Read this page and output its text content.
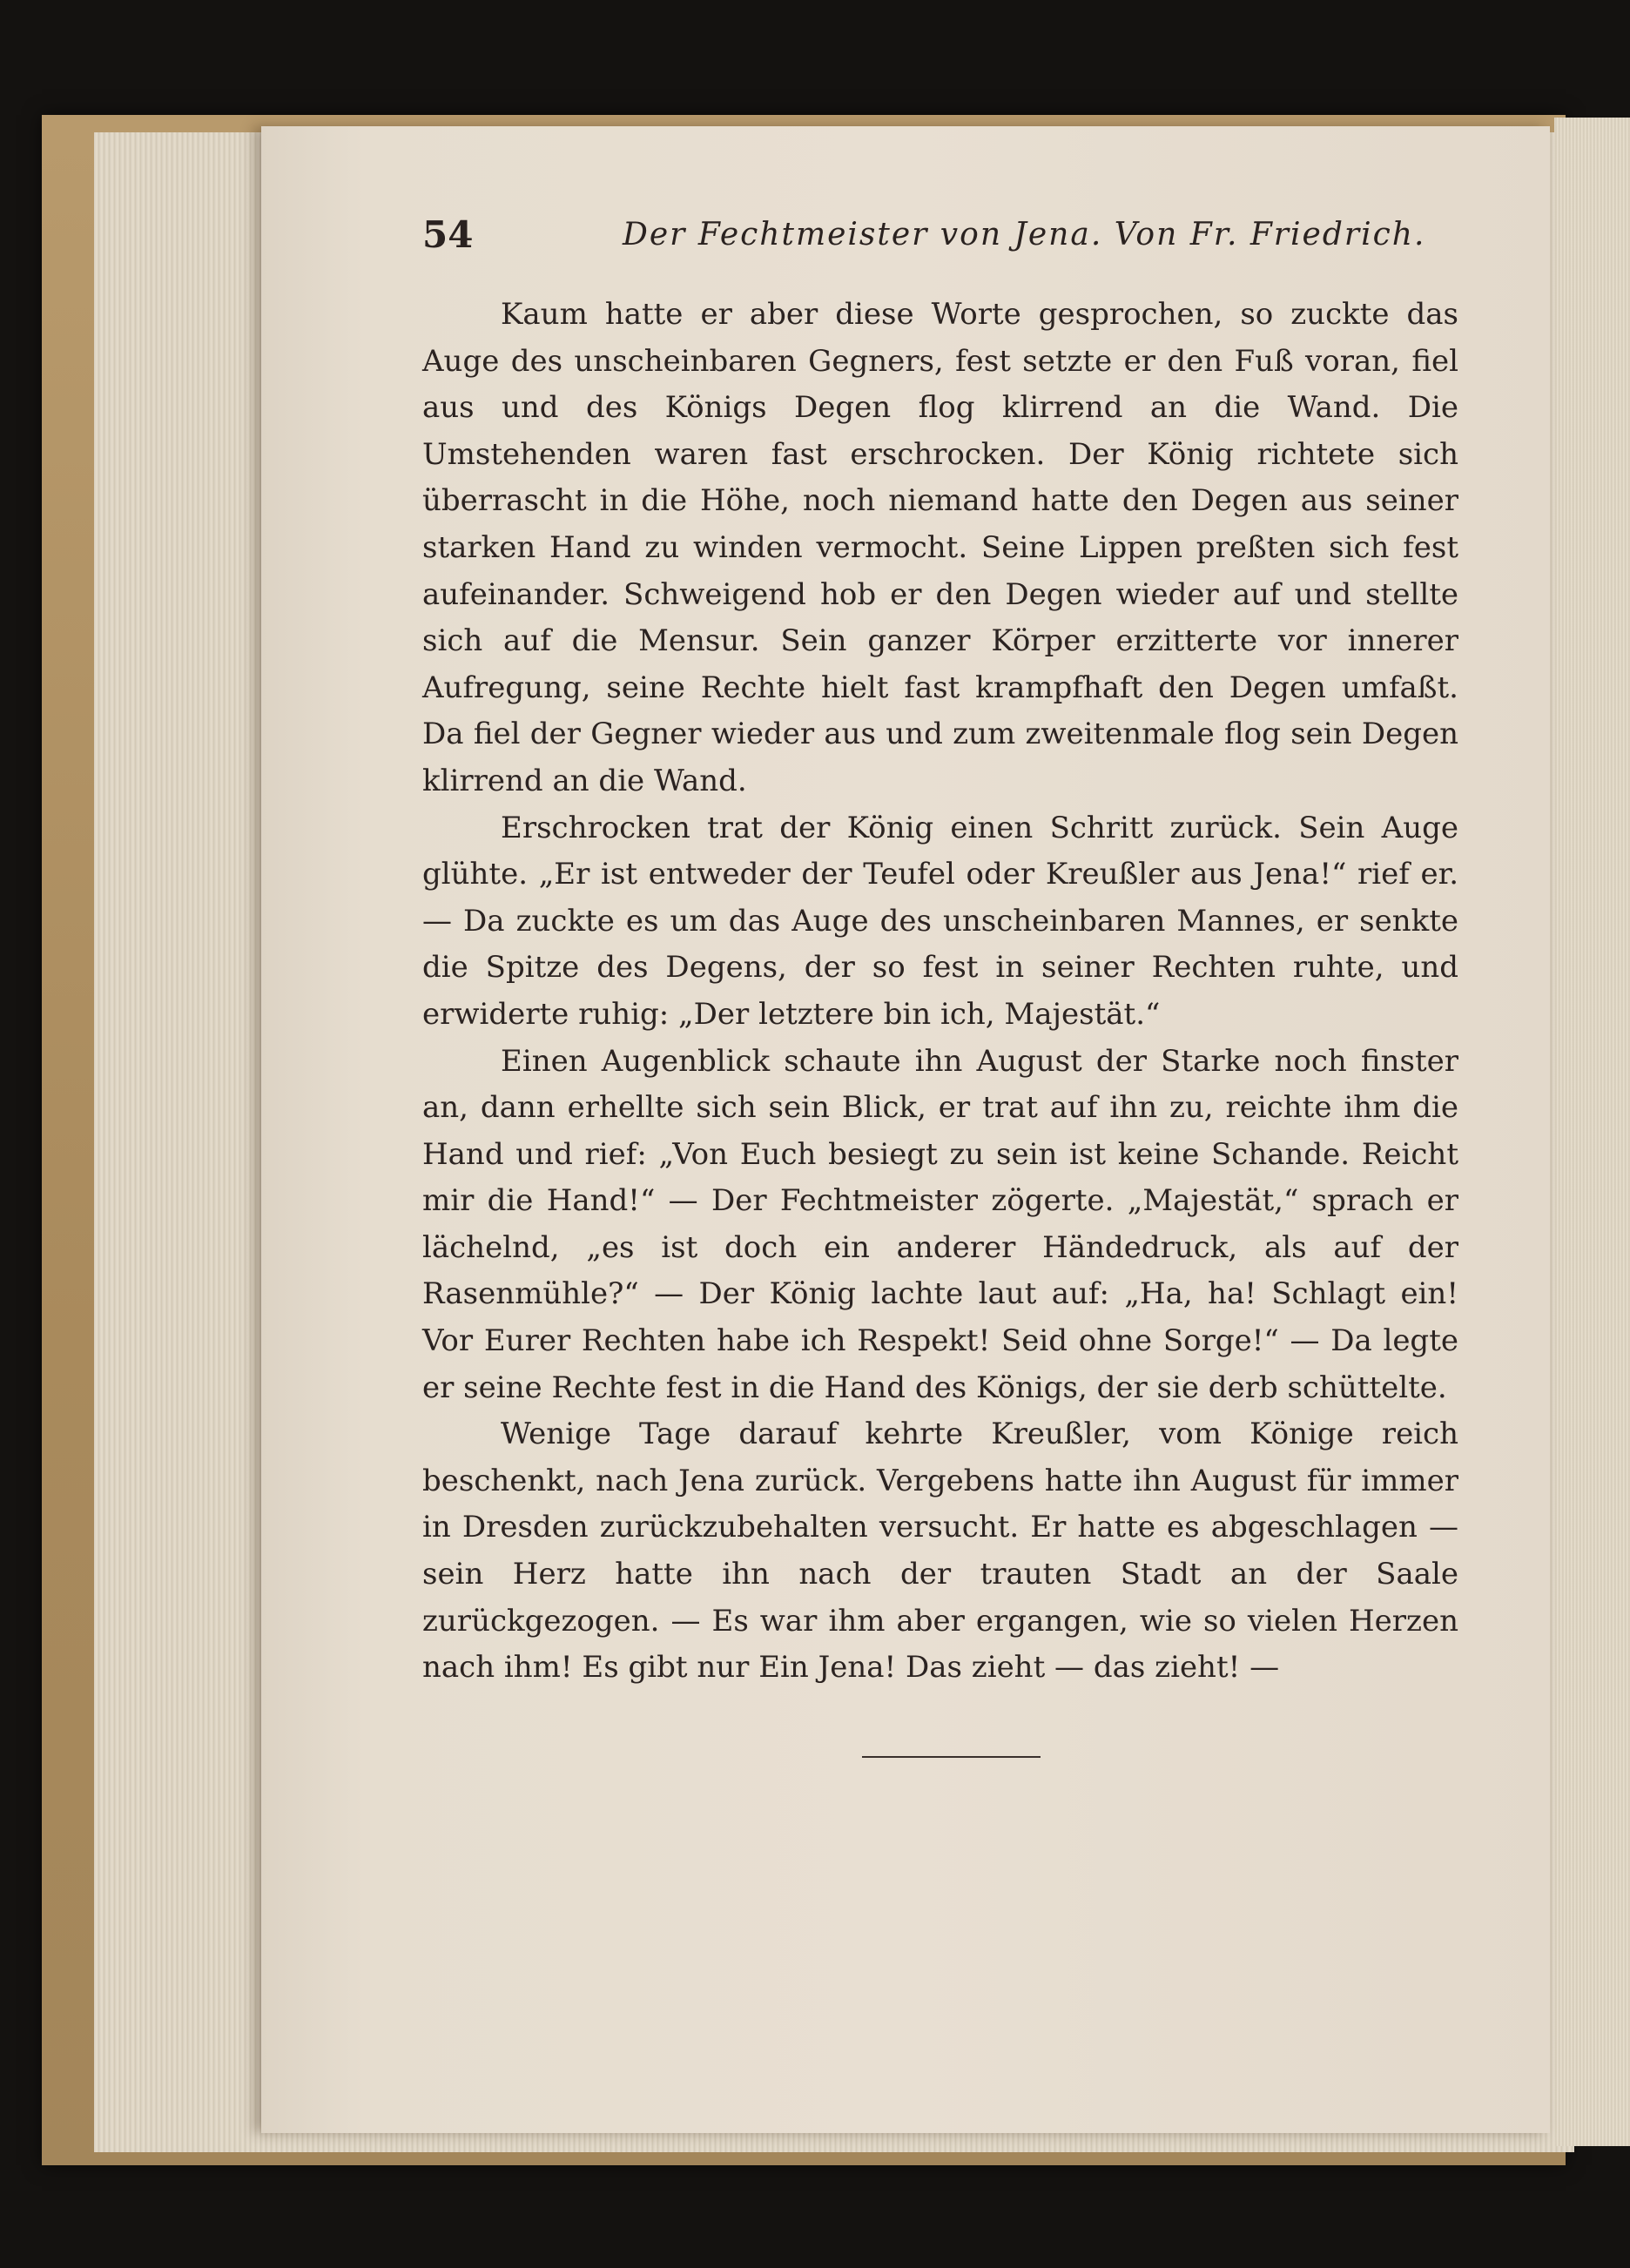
54	Der Fechtmeister von Jena. Von Fr. Friedrich.

Kaum hatte er aber diese Worte gesprochen, so zuckte das Auge des unscheinbaren Gegners, fest setzte er den Fuß voran, fiel aus und des Königs Degen flog klirrend an die Wand. Die Umstehenden waren fast erschrocken. Der König richtete sich überrascht in die Höhe, noch niemand hatte den Degen aus seiner starken Hand zu winden vermocht. Seine Lippen preßten sich fest aufeinander. Schweigend hob er den Degen wieder auf und stellte sich auf die Mensur. Sein ganzer Körper erzitterte vor innerer Aufregung, seine Rechte hielt fast krampfhaft den Degen umfaßt. Da fiel der Gegner wieder aus und zum zweitenmale flog sein Degen klirrend an die Wand.

Erschrocken trat der König einen Schritt zurück. Sein Auge glühte. „Er ist entweder der Teufel oder Kreußler aus Jena!“ rief er. — Da zuckte es um das Auge des unscheinbaren Mannes, er senkte die Spitze des Degens, der so fest in seiner Rechten ruhte, und erwiderte ruhig: „Der letztere bin ich, Majestät.“

Einen Augenblick schaute ihn August der Starke noch finster an, dann erhellte sich sein Blick, er trat auf ihn zu, reichte ihm die Hand und rief: „Von Euch besiegt zu sein ist keine Schande. Reicht mir die Hand!“ — Der Fechtmeister zögerte. „Majestät,“ sprach er lächelnd, „es ist doch ein anderer Händedruck, als auf der Rasenmühle?“ — Der König lachte laut auf: „Ha, ha! Schlagt ein! Vor Eurer Rechten habe ich Respekt! Seid ohne Sorge!“ — Da legte er seine Rechte fest in die Hand des Königs, der sie derb schüttelte.

Wenige Tage darauf kehrte Kreußler, vom Könige reich beschenkt, nach Jena zurück. Vergebens hatte ihn August für immer in Dresden zurückzubehalten versucht. Er hatte es abgeschlagen — sein Herz hatte ihn nach der trauten Stadt an der Saale zurückgezogen. — Es war ihm aber ergangen, wie so vielen Herzen nach ihm! Es gibt nur Ein Jena! Das zieht — das zieht! —
